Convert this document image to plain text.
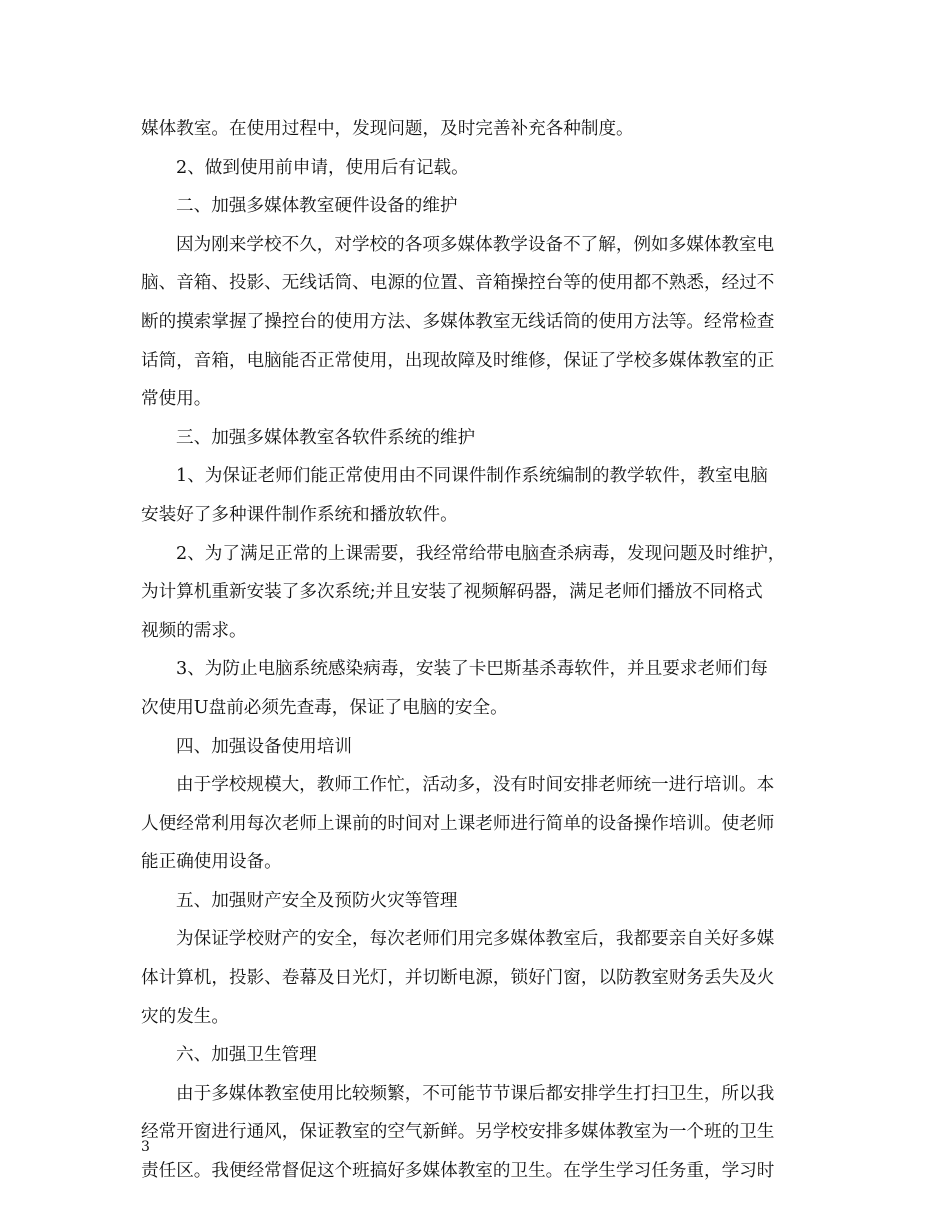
媒体教室。在使用过程中，发现问题，及时完善补充各种制度。
2、做到使用前申请，使用后有记载。
二、加强多媒体教室硬件设备的维护
因为刚来学校不久，对学校的各项多媒体教学设备不了解，例如多媒体教室电
脑、音箱、投影、无线话筒、电源的位置、音箱操控台等的使用都不熟悉，经过不
断的摸索掌握了操控台的使用方法、多媒体教室无线话筒的使用方法等。经常检查
话筒，音箱，电脑能否正常使用，出现故障及时维修，保证了学校多媒体教室的正
常使用。
三、加强多媒体教室各软件系统的维护
1、为保证老师们能正常使用由不同课件制作系统编制的教学软件，教室电脑
安装好了多种课件制作系统和播放软件。
2、为了满足正常的上课需要，我经常给带电脑查杀病毒，发现问题及时维护，
为计算机重新安装了多次系统;并且安装了视频解码器，满足老师们播放不同格式
视频的需求。
3、为防止电脑系统感染病毒，安装了卡巴斯基杀毒软件，并且要求老师们每
次使用U盘前必须先查毒，保证了电脑的安全。
四、加强设备使用培训
由于学校规模大，教师工作忙，活动多，没有时间安排老师统一进行培训。本
人便经常利用每次老师上课前的时间对上课老师进行简单的设备操作培训。使老师
能正确使用设备。
五、加强财产安全及预防火灾等管理
为保证学校财产的安全，每次老师们用完多媒体教室后，我都要亲自关好多媒
体计算机，投影、卷幕及日光灯，并切断电源，锁好门窗，以防教室财务丢失及火
灾的发生。
六、加强卫生管理
由于多媒体教室使用比较频繁，不可能节节课后都安排学生打扫卫生，所以我
经常开窗进行通风，保证教室的空气新鲜。另学校安排多媒体教室为一个班的卫生
责任区。我便经常督促这个班搞好多媒体教室的卫生。在学生学习任务重，学习时
3
